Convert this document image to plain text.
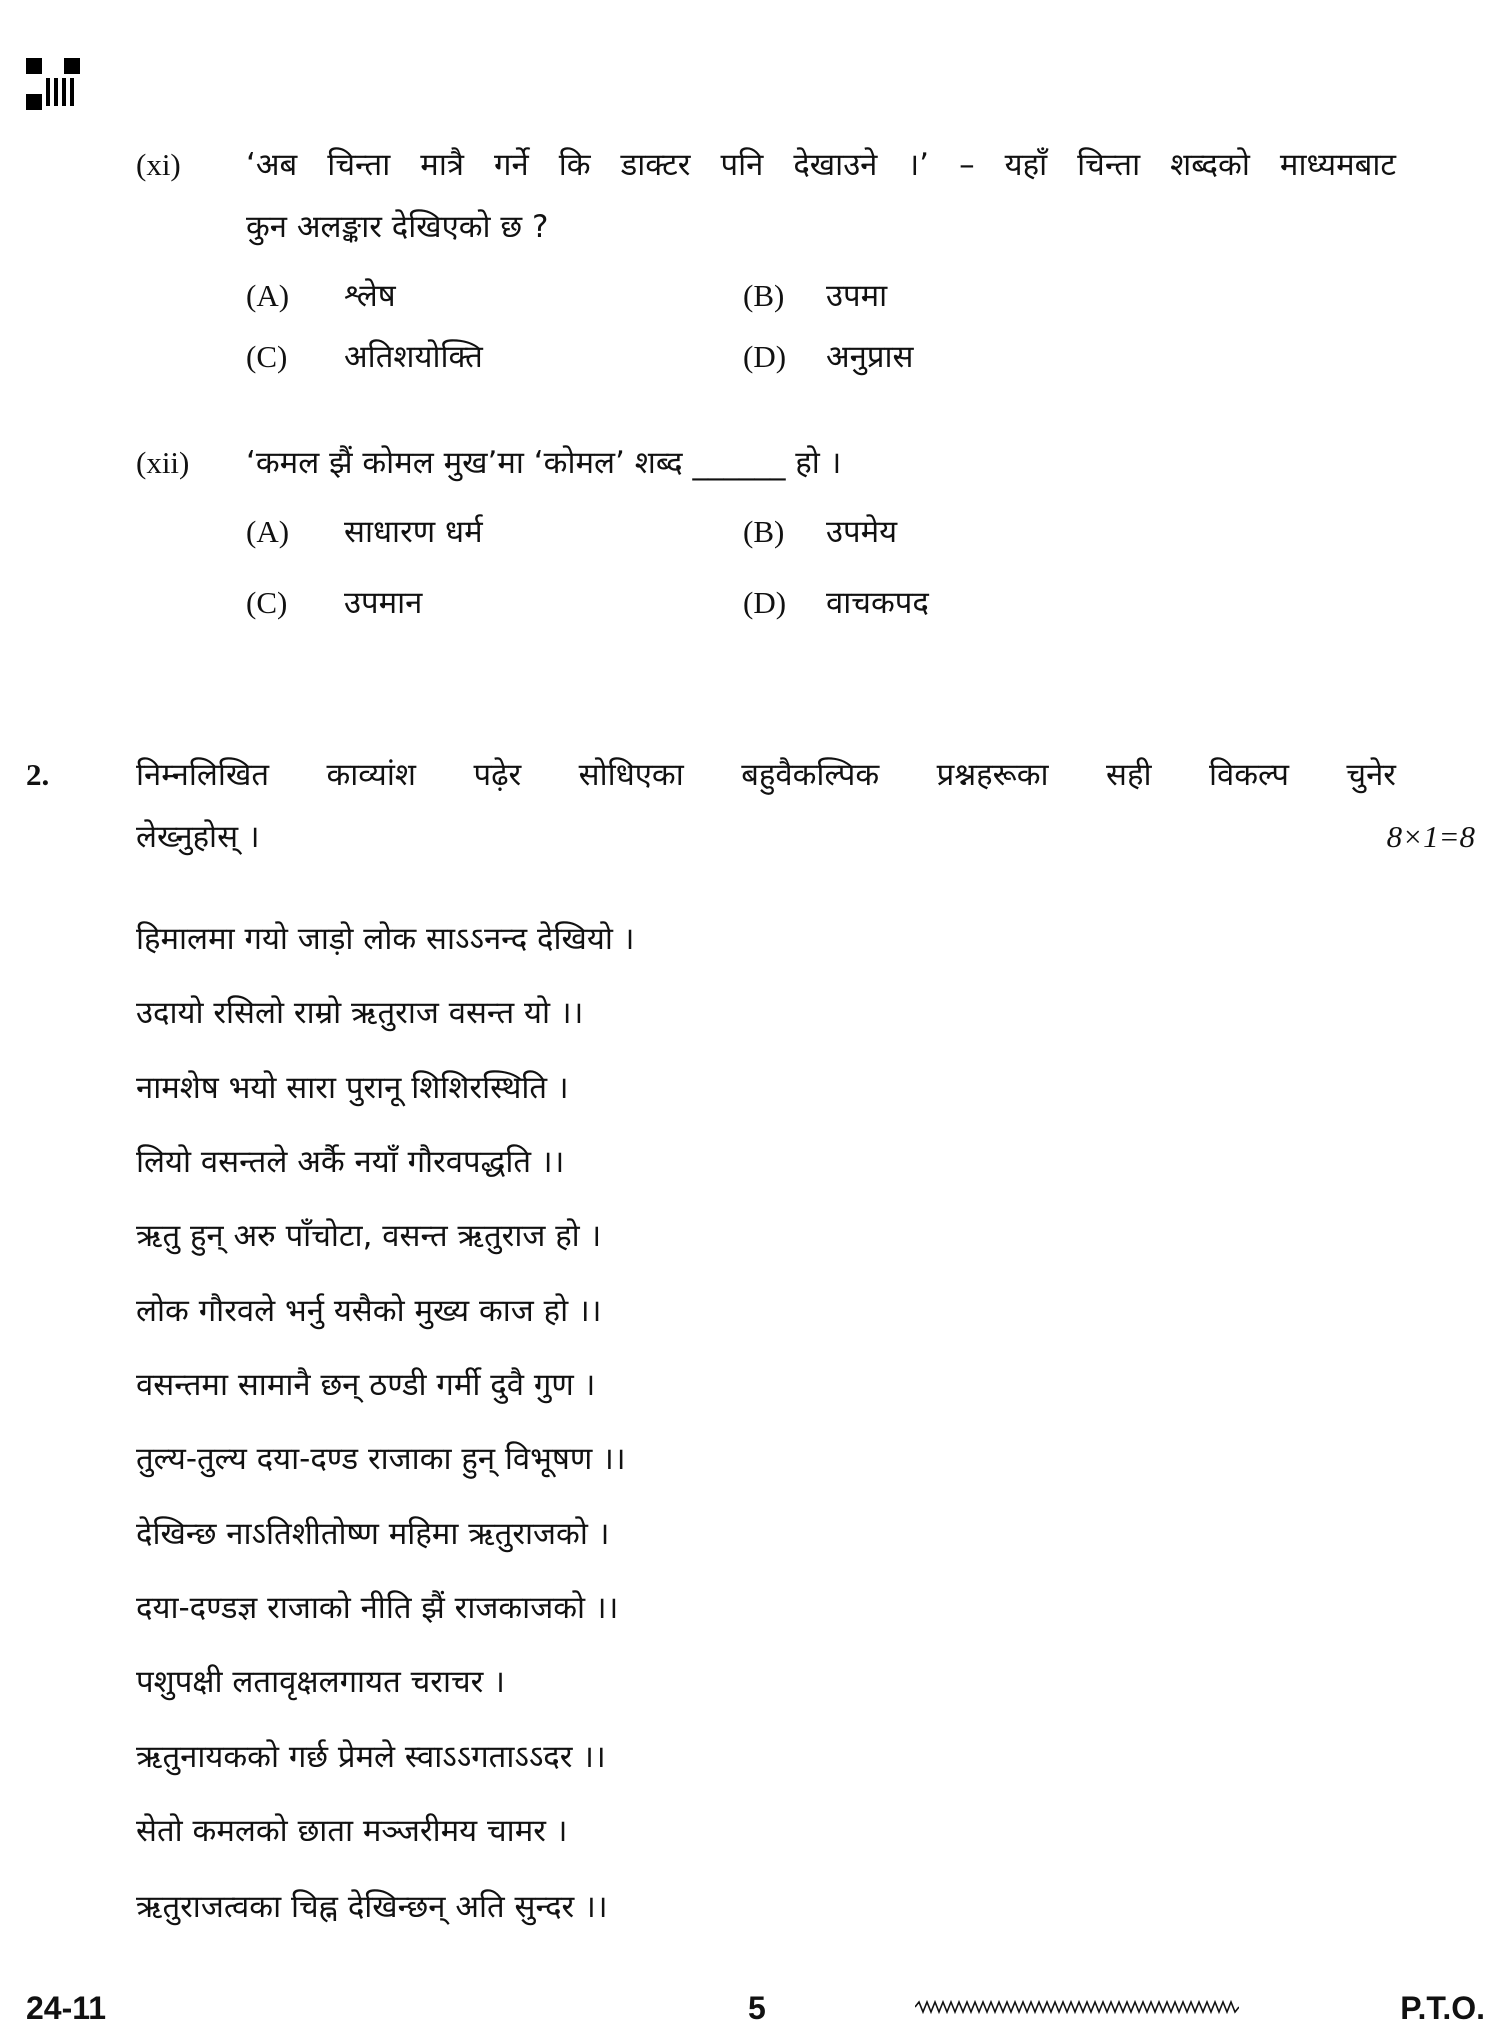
(xi) ‘अब चिन्ता मात्रै गर्ने कि डाक्टर पनि देखाउने ।’ – यहाँ चिन्ता शब्दको माध्यमबाट
कुन अलङ्कार देखिएको छ ?
(A) श्लेष	(B) उपमा
(C) अतिशयोक्ति	(D) अनुप्रास
(xii) ‘कमल झैं कोमल मुख’मा ‘कोमल’ शब्द ______ हो ।
(A) साधारण धर्म	(B) उपमेय
(C) उपमान	(D) वाचकपद
2.	निम्नलिखित काव्यांश पढ़ेर सोधिएका बहुवैकल्पिक प्रश्नहरूका सही विकल्प चुनेर
लेख्नुहोस् ।	8×1=8
हिमालमा गयो जाड़ो लोक साऽऽनन्द देखियो ।
उदायो रसिलो राम्रो ऋतुराज वसन्त यो ।।
नामशेष भयो सारा पुरानू शिशिरस्थिति ।
लियो वसन्तले अर्कै नयाँ गौरवपद्धति ।।
ऋतु हुन् अरु पाँचोटा, वसन्त ऋतुराज हो ।
लोक गौरवले भर्नु यसैको मुख्य काज हो ।।
वसन्तमा सामानै छन् ठण्डी गर्मी दुवै गुण ।
तुल्य-तुल्य दया-दण्ड राजाका हुन् विभूषण ।।
देखिन्छ नाऽतिशीतोष्ण महिमा ऋतुराजको ।
दया-दण्डज्ञ राजाको नीति झैं राजकाजको ।।
पशुपक्षी लतावृक्षलगायत चराचर ।
ऋतुनायकको गर्छ प्रेमले स्वाऽऽगताऽऽदर ।।
सेतो कमलको छाता मञ्जरीमय चामर ।
ऋतुराजत्वका चिह्न देखिन्छन् अति सुन्दर ।।
24-11	5	P.T.O.
